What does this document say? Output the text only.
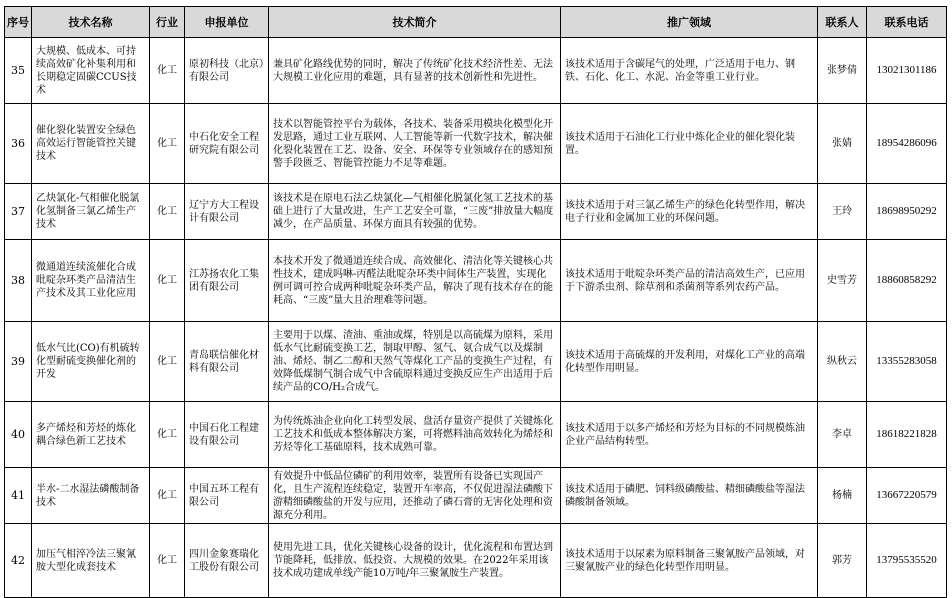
序号	技术名称	行业	申报单位	技术简介	推广领域	联系人	联系电话
35	大规模、低成本、可持续高效矿化补集利用和长期稳定固碳CCUS技术	化工	原初科技（北京）有限公司	兼具矿化路线优势的同时，解决了传统矿化技术经济性差、无法大规模工业化应用的难题，具有显著的技术创新性和先进性。	该技术适用于含碳尾气的处理，广泛适用于电力、钢铁、石化、化工、水泥、冶金等重工业行业。	张梦倩	13021301186
36	催化裂化装置安全绿色高效运行智能管控关键技术	化工	中石化安全工程研究院有限公司	技术以智能管控平台为载体，各技术、装备采用模块化模型化开发思路，通过工业互联网、人工智能等新一代数字技术，解决催化裂化装置在工艺、设备、安全、环保等专业领域存在的感知预警手段匮乏、智能管控能力不足等难题。	该技术适用于石油化工行业中炼化企业的催化裂化装置。	张婧	18954286096
37	乙炔氯化-气相催化脱氯化氢制备三氯乙烯生产技术	化工	辽宁方大工程设计有限公司	该技术是在原电石法乙炔氯化—气相催化脱氯化氢工艺技术的基础上进行了大量改进，生产工艺安全可靠，“三废”排放量大幅度减少，在产品质量、环保方面具有较强的优势。	该技术适用于对三氯乙烯生产的绿色化转型作用，解决电子行业和金属加工业的环保问题。	王玲	18698950292
38	微通道连续流催化合成吡啶杂环类产品清洁生产技术及其工业化应用	化工	江苏扬农化工集团有限公司	本技术开发了微通道连续合成、高效催化、清洁化等关键核心共性技术，建成吗啉-丙醛法吡啶杂环类中间体生产装置，实现化例可调可控合成两种吡啶杂环类产品，解决了现有技术存在的能耗高、“三废”量大且治理难等问题。	该技术适用于吡啶杂环类产品的清洁高效生产，已应用于下游杀虫剂、除草剂和杀菌剂等系列农药产品。	史雪芳	18860858292
39	低水气比(CO)有机硫转化型耐硫变换催化剂的开发	化工	青岛联信催化材料有限公司	主要用于以煤、渣油、重油或煤，特别是以高硫煤为原料，采用低水气比耐硫变换工艺，制取甲醇、氢气、氨合成气以及煤制油、烯烃、制乙二醇和天然气等煤化工产品的变换生产过程，有效降低煤制气制合成气中含硫原料通过变换反应生产出适用于后续产品的CO/H₂合成气。	该技术适用于高硫煤的开发利用，对煤化工产业的高端化转型作用明显。	纵秋云	13355283058
40	多产烯烃和芳烃的炼化耦合绿色新工艺技术	化工	中国石化工程建设有限公司	为传统炼油企业向化工转型发展、盘活存量资产提供了关键炼化工艺技术和低成本整体解决方案，可将燃料油高效转化为烯烃和芳烃等化工基础原料，技术成熟可靠。	该技术适用于以多产烯烃和芳烃为目标的不同规模炼油企业产品结构转型。	李卓	18618221828
41	半水-二水湿法磷酸制备技术	化工	中国五环工程有限公司	有效提升中低品位磷矿的利用效率，装置所有设备已实现国产化，且生产流程连续稳定，装置开车率高，不仅促进湿法磷酸下游精细磷酸盐的开发与应用，还推动了磷石膏的无害化处理和资源充分利用。	该技术适用于磷肥、饲料级磷酸盐、精细磷酸盐等湿法磷酸制备领域。	杨楠	13667220579
42	加压气相淬冷法三聚氰胺大型化成套技术	化工	四川金象赛瑞化工股份有限公司	使用先进工具，优化关键核心设备的设计，优化流程和布置达到节能降耗，低排放、低投资、大规模的效果。在2022年采用该技术成功建成单线产能10万吨/年三聚氰胺生产装置。	该技术适用于以尿素为原料制备三聚氰胺产品领域，对三聚氰胺产业的绿色化转型作用明显。	郭芳	13795535520
